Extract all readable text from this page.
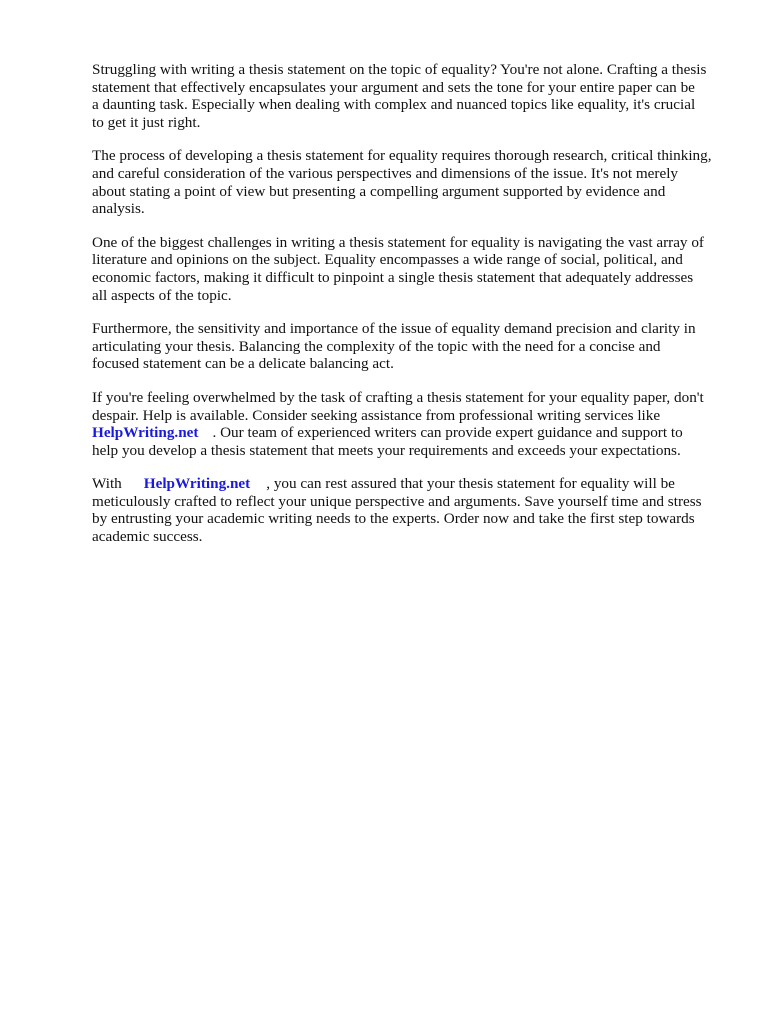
Struggling with writing a thesis statement on the topic of equality? You're not alone. Crafting a thesis
statement that effectively encapsulates your argument and sets the tone for your entire paper can be
a daunting task. Especially when dealing with complex and nuanced topics like equality, it's crucial
to get it just right.

The process of developing a thesis statement for equality requires thorough research, critical thinking,
and careful consideration of the various perspectives and dimensions of the issue. It's not merely
about stating a point of view but presenting a compelling argument supported by evidence and
analysis.

One of the biggest challenges in writing a thesis statement for equality is navigating the vast array of
literature and opinions on the subject. Equality encompasses a wide range of social, political, and
economic factors, making it difficult to pinpoint a single thesis statement that adequately addresses
all aspects of the topic.

Furthermore, the sensitivity and importance of the issue of equality demand precision and clarity in
articulating your thesis. Balancing the complexity of the topic with the need for a concise and
focused statement can be a delicate balancing act.

If you're feeling overwhelmed by the task of crafting a thesis statement for your equality paper, don't
despair. Help is available. Consider seeking assistance from professional writing services like
HelpWriting.net . Our team of experienced writers can provide expert guidance and support to
help you develop a thesis statement that meets your requirements and exceeds your expectations.

With HelpWriting.net , you can rest assured that your thesis statement for equality will be
meticulously crafted to reflect your unique perspective and arguments. Save yourself time and stress
by entrusting your academic writing needs to the experts. Order now and take the first step towards
academic success.
